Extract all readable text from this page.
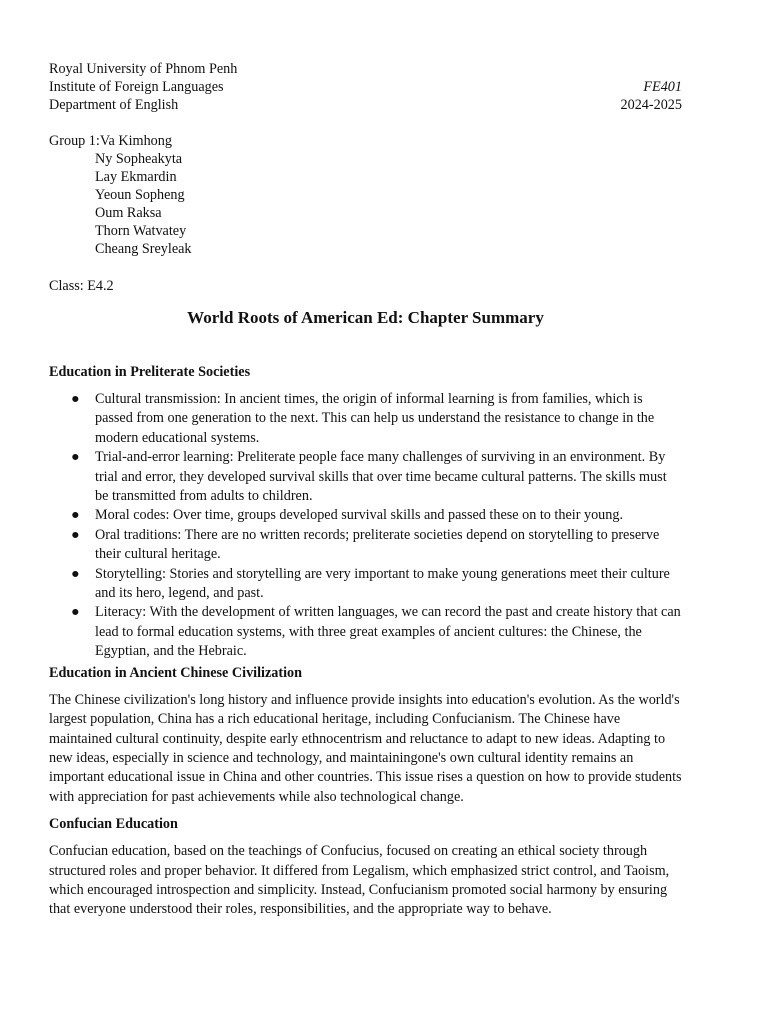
Royal University of Phnom Penh
Institute of Foreign Languages	FE401
Department of English	2024-2025
Group 1:Va Kimhong
Ny Sopheakyta
Lay Ekmardin
Yeoun Sopheng
Oum Raksa
Thorn Watvatey
Cheang Sreyleak
Class: E4.2
World Roots of American Ed: Chapter Summary
Education in Preliterate Societies
● Cultural transmission: In ancient times, the origin of informal learning is from families, which is passed from one generation to the next. This can help us understand the resistance to change in the modern educational systems.
● Trial-and-error learning: Preliterate people face many challenges of surviving in an environment. By trial and error, they developed survival skills that over time became cultural patterns. The skills must be transmitted from adults to children.
● Moral codes: Over time, groups developed survival skills and passed these on to their young.
● Oral traditions: There are no written records; preliterate societies depend on storytelling to preserve their cultural heritage.
● Storytelling: Stories and storytelling are very important to make young generations meet their culture and its hero, legend, and past.
● Literacy: With the development of written languages, we can record the past and create history that can lead to formal education systems, with three great examples of ancient cultures: the Chinese, the Egyptian, and the Hebraic.
Education in Ancient Chinese Civilization
The Chinese civilization's long history and influence provide insights into education's evolution. As the world's largest population, China has a rich educational heritage, including Confucianism. The Chinese have maintained cultural continuity, despite early ethnocentrism and reluctance to adapt to new ideas. Adapting to new ideas, especially in science and technology, and maintainingone's own cultural identity remains an important educational issue in China and other countries. This issue rises a question on how to provide students with appreciation for past achievements while also technological change.
Confucian Education
Confucian education, based on the teachings of Confucius, focused on creating an ethical society through structured roles and proper behavior. It differed from Legalism, which emphasized strict control, and Taoism, which encouraged introspection and simplicity. Instead, Confucianism promoted social harmony by ensuring that everyone understood their roles, responsibilities, and the appropriate way to behave.
